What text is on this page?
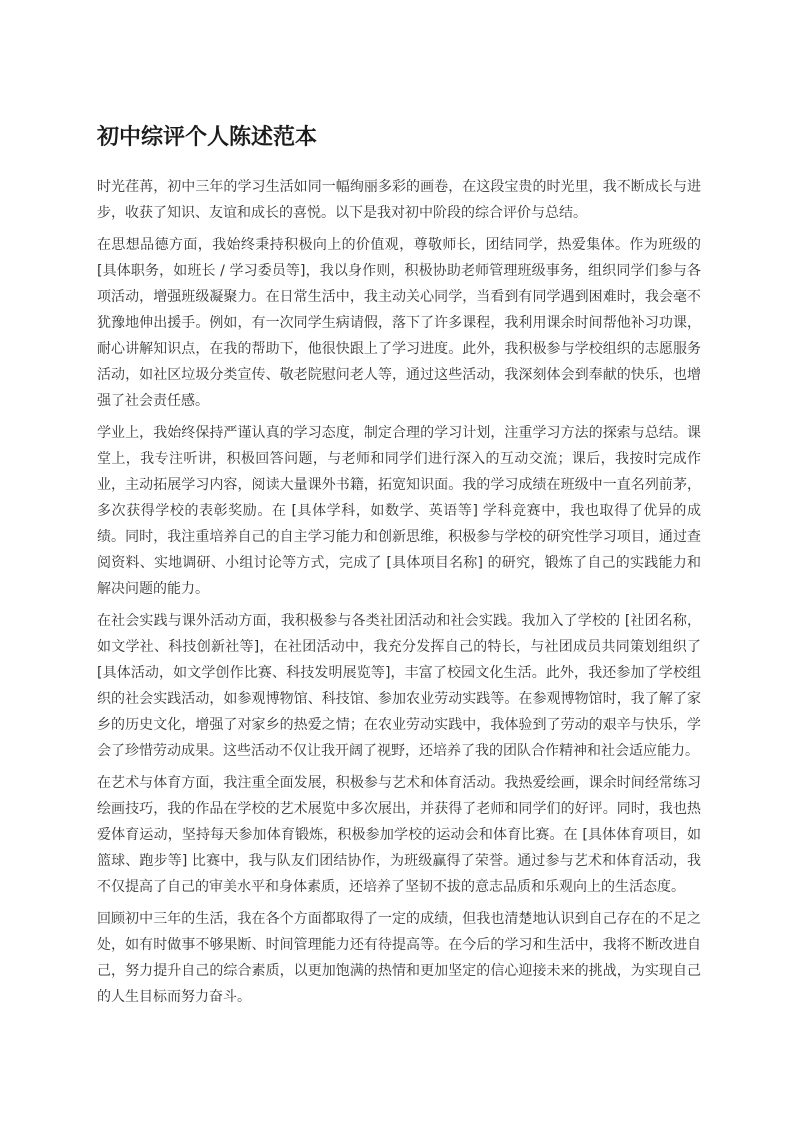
初中综评个人陈述范本

时光荏苒，初中三年的学习生活如同一幅绚丽多彩的画卷，在这段宝贵的时光里，我不断成长与进步，收获了知识、友谊和成长的喜悦。以下是我对初中阶段的综合评价与总结。

在思想品德方面，我始终秉持积极向上的价值观，尊敬师长，团结同学，热爱集体。作为班级的 [具体职务，如班长 / 学习委员等]，我以身作则，积极协助老师管理班级事务，组织同学们参与各项活动，增强班级凝聚力。在日常生活中，我主动关心同学，当看到有同学遇到困难时，我会毫不犹豫地伸出援手。例如，有一次同学生病请假，落下了许多课程，我利用课余时间帮他补习功课，耐心讲解知识点，在我的帮助下，他很快跟上了学习进度。此外，我积极参与学校组织的志愿服务活动，如社区垃圾分类宣传、敬老院慰问老人等，通过这些活动，我深刻体会到奉献的快乐，也增强了社会责任感。

学业上，我始终保持严谨认真的学习态度，制定合理的学习计划，注重学习方法的探索与总结。课堂上，我专注听讲，积极回答问题，与老师和同学们进行深入的互动交流；课后，我按时完成作业，主动拓展学习内容，阅读大量课外书籍，拓宽知识面。我的学习成绩在班级中一直名列前茅，多次获得学校的表彰奖励。在 [具体学科，如数学、英语等] 学科竞赛中，我也取得了优异的成绩。同时，我注重培养自己的自主学习能力和创新思维，积极参与学校的研究性学习项目，通过查阅资料、实地调研、小组讨论等方式，完成了 [具体项目名称] 的研究，锻炼了自己的实践能力和解决问题的能力。

在社会实践与课外活动方面，我积极参与各类社团活动和社会实践。我加入了学校的 [社团名称，如文学社、科技创新社等]，在社团活动中，我充分发挥自己的特长，与社团成员共同策划组织了 [具体活动，如文学创作比赛、科技发明展览等]，丰富了校园文化生活。此外，我还参加了学校组织的社会实践活动，如参观博物馆、科技馆、参加农业劳动实践等。在参观博物馆时，我了解了家乡的历史文化，增强了对家乡的热爱之情；在农业劳动实践中，我体验到了劳动的艰辛与快乐，学会了珍惜劳动成果。这些活动不仅让我开阔了视野，还培养了我的团队合作精神和社会适应能力。

在艺术与体育方面，我注重全面发展，积极参与艺术和体育活动。我热爱绘画，课余时间经常练习绘画技巧，我的作品在学校的艺术展览中多次展出，并获得了老师和同学们的好评。同时，我也热爱体育运动，坚持每天参加体育锻炼，积极参加学校的运动会和体育比赛。在 [具体体育项目，如篮球、跑步等] 比赛中，我与队友们团结协作，为班级赢得了荣誉。通过参与艺术和体育活动，我不仅提高了自己的审美水平和身体素质，还培养了坚韧不拔的意志品质和乐观向上的生活态度。

回顾初中三年的生活，我在各个方面都取得了一定的成绩，但我也清楚地认识到自己存在的不足之处，如有时做事不够果断、时间管理能力还有待提高等。在今后的学习和生活中，我将不断改进自己，努力提升自己的综合素质，以更加饱满的热情和更加坚定的信心迎接未来的挑战，为实现自己的人生目标而努力奋斗。
